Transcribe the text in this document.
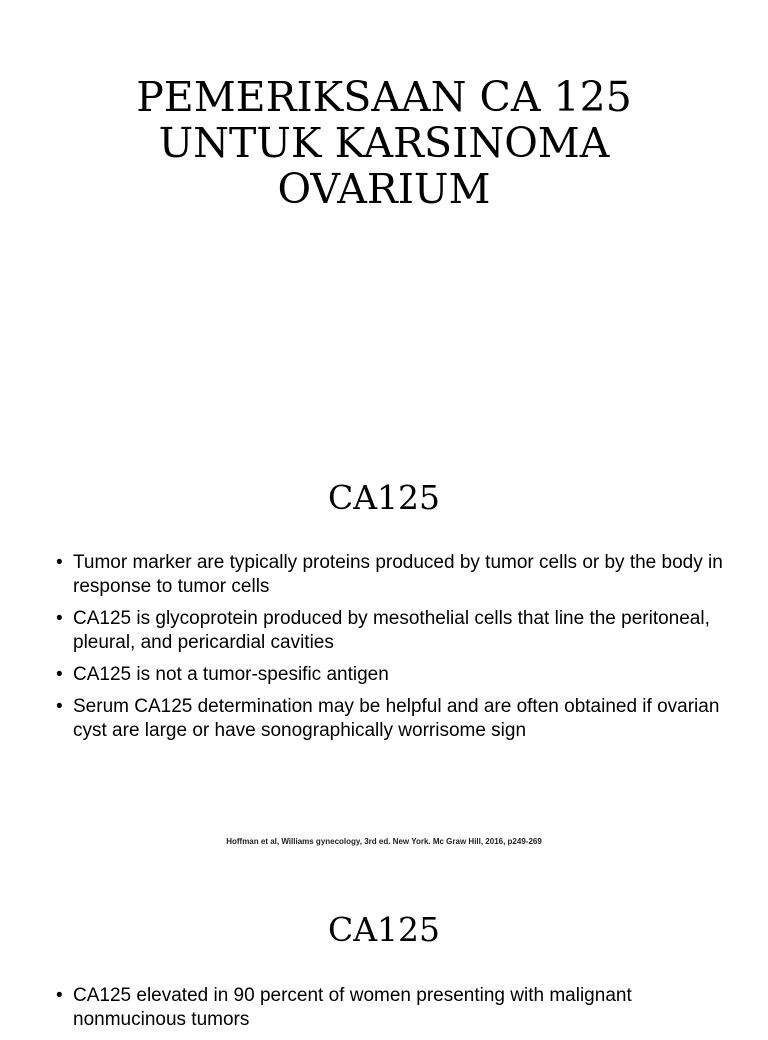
PEMERIKSAAN CA 125
UNTUK KARSINOMA
OVARIUM
CA125
• Tumor marker are typically proteins produced by tumor cells or by the body in response to tumor cells
• CA125 is glycoprotein produced by mesothelial cells that line the peritoneal, pleural, and pericardial cavities
• CA125 is not a tumor-spesific antigen
• Serum CA125 determination may be helpful and are often obtained if ovarian cyst are large or have sonographically worrisome sign

Hoffman et al, Williams gynecology, 3rd ed. New York. Mc Graw Hill, 2016, p249-269

CA125
• CA125 elevated in 90 percent of women presenting with malignant nonmucinous tumors
